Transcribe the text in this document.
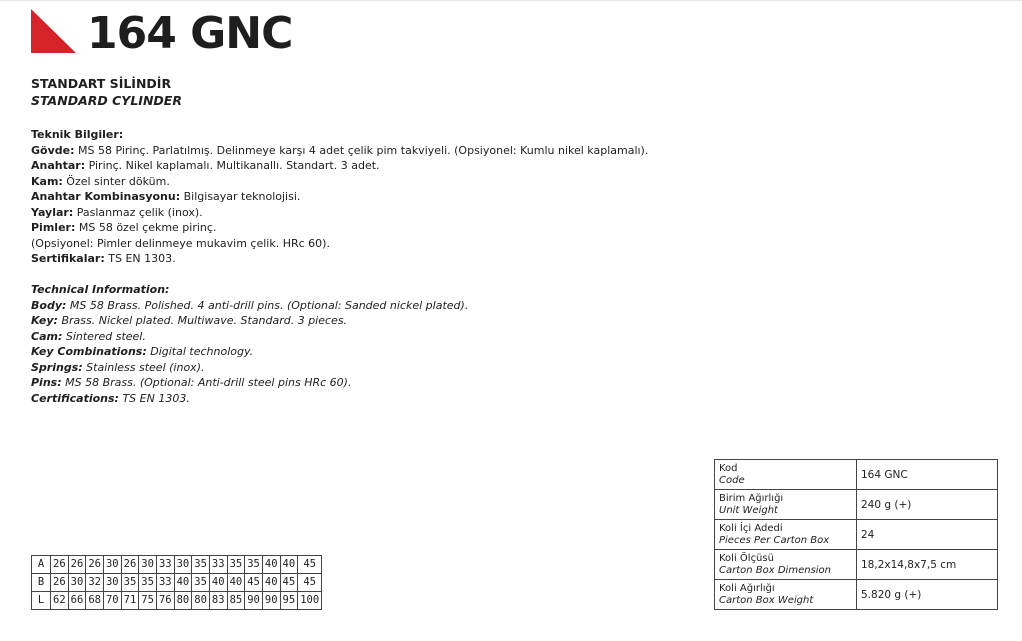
164 GNC
STANDART SİLİNDİR
STANDARD CYLINDER
Teknik Bilgiler:
Gövde: MS 58 Pirinç. Parlatılmış. Delinmeye karşı 4 adet çelik pim takviyeli. (Opsiyonel: Kumlu nikel kaplamalı).
Anahtar: Pirinç. Nikel kaplamalı. Multikanallı. Standart. 3 adet.
Kam: Özel sinter döküm.
Anahtar Kombinasyonu: Bilgisayar teknolojisi.
Yaylar: Paslanmaz çelik (inox).
Pimler: MS 58 özel çekme pirinç.
(Opsiyonel: Pimler delinmeye mukavim çelik. HRc 60).
Sertifikalar: TS EN 1303.
Technical Information:
Body: MS 58 Brass. Polished. 4 anti-drill pins. (Optional: Sanded nickel plated).
Key: Brass. Nickel plated. Multiwave. Standard. 3 pieces.
Cam: Sintered steel.
Key Combinations: Digital technology.
Springs: Stainless steel (inox).
Pins: MS 58 Brass. (Optional: Anti-drill steel pins HRc 60).
Certifications: TS EN 1303.
A	26	26	26	30	26	30	33	30	35	33	35	35	40	40	45
B	26	30	32	30	35	35	33	40	35	40	40	45	40	45	45
L	62	66	68	70	71	75	76	80	80	83	85	90	90	95	100
Kod
Code	164 GNC

Birim Ağırlığı
Unit Weight	240 g (+)

Koli İçi Adedi
Pieces Per Carton Box	24

Koli Ölçüsü
Carton Box Dimension	18,2x14,8x7,5 cm

Koli Ağırlığı
Carton Box Weight	5.820 g (+)
